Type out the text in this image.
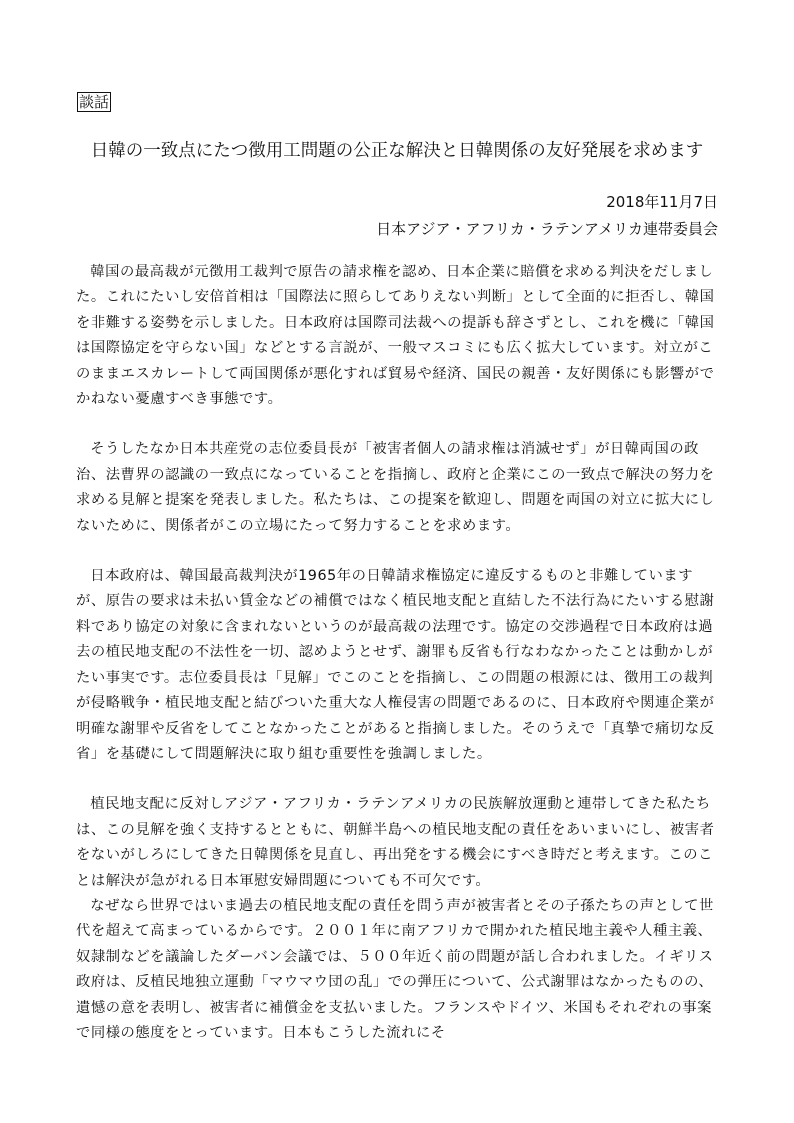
談話
日韓の一致点にたつ徴用工問題の公正な解決と日韓関係の友好発展を求めます
2018年11月7日
日本アジア・アフリカ・ラテンアメリカ連帯委員会

韓国の最高裁が元徴用工裁判で原告の請求権を認め、日本企業に賠償を求める判決をだしました。これにたいし安倍首相は「国際法に照らしてありえない判断」として全面的に拒否し、韓国を非難する姿勢を示しました。日本政府は国際司法裁への提訴も辞さずとし、これを機に「韓国は国際協定を守らない国」などとする言説が、一般マスコミにも広く拡大しています。対立がこのままエスカレートして両国関係が悪化すれば貿易や経済、国民の親善・友好関係にも影響がでかねない憂慮すべき事態です。

そうしたなか日本共産党の志位委員長が「被害者個人の請求権は消滅せず」が日韓両国の政治、法曹界の認識の一致点になっていることを指摘し、政府と企業にこの一致点で解決の努力を求める見解と提案を発表しました。私たちは、この提案を歓迎し、問題を両国の対立に拡大にしないために、関係者がこの立場にたって努力することを求めます。

日本政府は、韓国最高裁判決が1965年の日韓請求権協定に違反するものと非難していますが、原告の要求は未払い賃金などの補償ではなく植民地支配と直結した不法行為にたいする慰謝料であり協定の対象に含まれないというのが最高裁の法理です。協定の交渉過程で日本政府は過去の植民地支配の不法性を一切、認めようとせず、謝罪も反省も行なわなかったことは動かしがたい事実です。志位委員長は「見解」でこのことを指摘し、この問題の根源には、徴用工の裁判が侵略戦争・植民地支配と結びついた重大な人権侵害の問題であるのに、日本政府や関連企業が明確な謝罪や反省をしてことなかったことがあると指摘しました。そのうえで「真摯で痛切な反省」を基礎にして問題解決に取り組む重要性を強調しました。

植民地支配に反対しアジア・アフリカ・ラテンアメリカの民族解放運動と連帯してきた私たちは、この見解を強く支持するとともに、朝鮮半島への植民地支配の責任をあいまいにし、被害者をないがしろにしてきた日韓関係を見直し、再出発をする機会にすべき時だと考えます。このことは解決が急がれる日本軍慰安婦問題についても不可欠です。

なぜなら世界ではいま過去の植民地支配の責任を問う声が被害者とその子孫たちの声として世代を超えて高まっているからです。２００１年に南アフリカで開かれた植民地主義や人種主義、奴隷制などを議論したダーバン会議では、５００年近く前の問題が話し合われました。イギリス政府は、反植民地独立運動「マウマウ団の乱」での弾圧について、公式謝罪はなかったものの、遺憾の意を表明し、被害者に補償金を支払いました。フランスやドイツ、米国もそれぞれの事案で同様の態度をとっています。日本もこうした流れにそ
